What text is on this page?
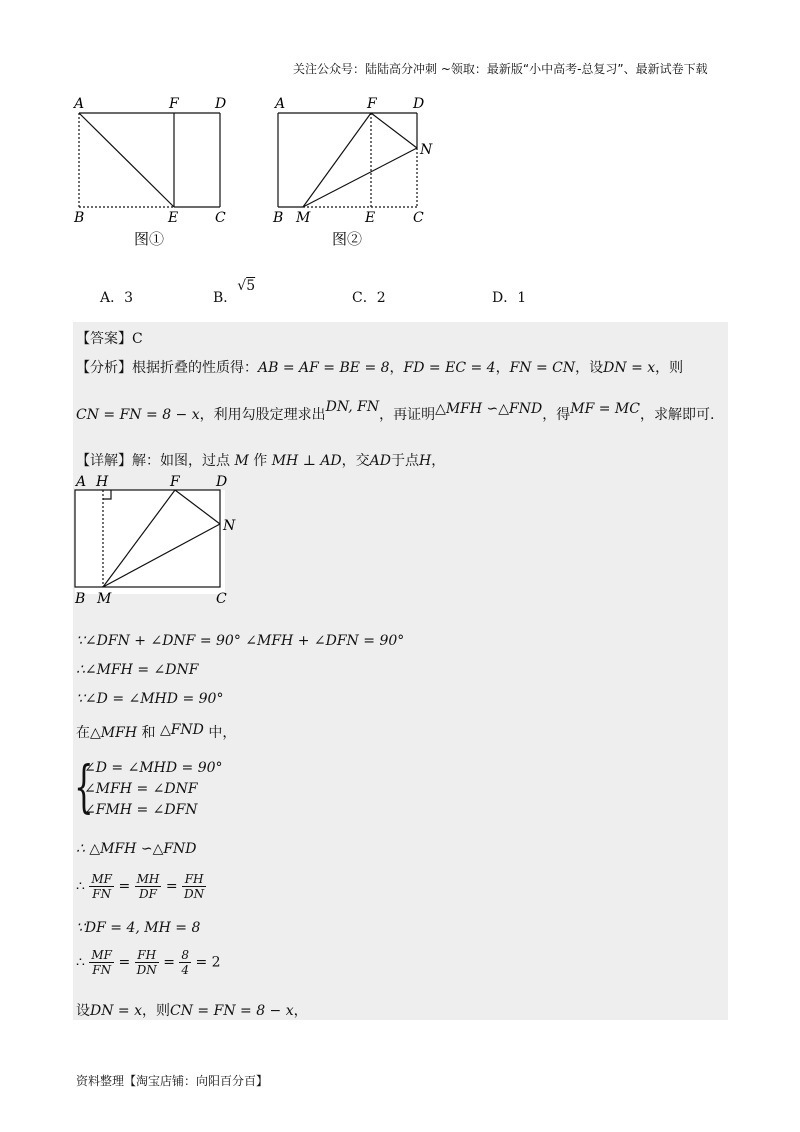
关注公众号：陆陆高分冲刺 ~领取：最新版“小中高考-总复习”、最新试卷下载
A	F	D
B	E	C
图①
A	F	D
N
B M	E	C
图②
A．3	B．√5
C．2	D．1
【答案】C
【分析】根据折叠的性质得：AB = AF = BE = 8，FD = EC = 4，FN = CN，设DN = x，则
CN = FN = 8 − x，利用勾股定理求出DN, FN，再证明△MFH ∽△FND，得MF = MC，求解即可.
【详解】解：如图，过点 M 作 MH ⊥ AD，交AD于点H，
A H	F	D
N
B M	C
∵∠DFN + ∠DNF = 90° ∠MFH + ∠DFN = 90°
∴∠MFH = ∠DNF
∵∠D = ∠MHD = 90°
在△MFH 和 △FND 中，
{
∠D = ∠MHD = 90°
∠MFH = ∠DNF
∠FMH = ∠DFN
∴ △MFH ∽△FND
∴ $\frac{MF}{FN} = \frac{MH}{DF} = \frac{FH}{DN}$
∵DF = 4, MH = 8
∴ $\frac{MF}{FN} = \frac{FH}{DN} = \frac{8}{4} = 2$
设DN = x，则CN = FN = 8 − x，
资料整理【淘宝店铺：向阳百分百】
